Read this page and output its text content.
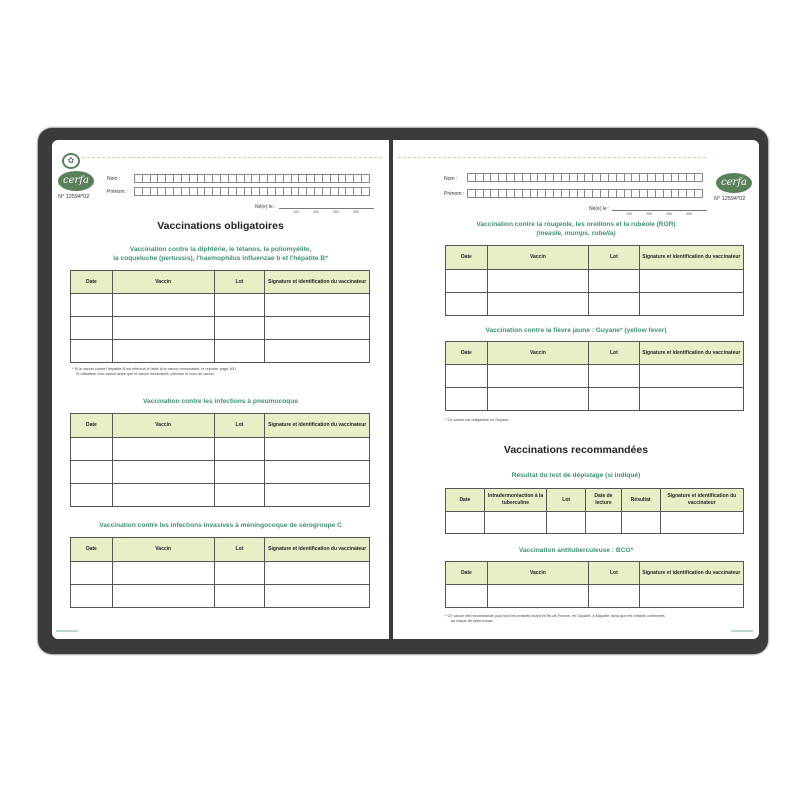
✿
cerfa
N° 12594*02
Nom :
Prénom :
Né(e) le :
100	200	300	400
Vaccinations obligatoires
Vaccination contre la diphtérie, le tétanos, la poliomyélite,
la coqueluche (pertussis), l'haemophilus influenzae b et l'hépatite B*
Date	Vaccin	Lot	Signature et identification du vaccinateur

* Si le vaccin contre l'hépatite B est effectué à l'aide d'un vaccin monovalent, le reporter page 100.
Si utilisation d'un vaccin autre que le vaccin hexavalent, préciser le nom du vaccin.
Vaccination contre les infections à pneumocoque
Date	Vaccin	Lot	Signature et identification du vaccinateur

Vaccination contre les infections invasives à méningocoque de sérogroupe C
Date	Vaccin	Lot	Signature et identification du vaccinateur

Nom :
Prénom :
Né(e) le :
100	200	300	400
cerfa
N° 12594*02
Vaccination contre la rougeole, les oreillons et la rubéole (ROR)
(measle, mumps, rubella)
Date	Vaccin	Lot	Signature et identification du vaccinateur

Vaccination contre la fièvre jaune : Guyane* (yellow fever)
Date	Vaccin	Lot	Signature et identification du vaccinateur

* Ce vaccin est obligatoire en Guyane.
Vaccinations recommandées
Résultat du test de dépistage (si indiqué)
Date	Intradermoréaction à la tuberculine	Lot	Date de lecture	Résultat	Signature et identification du vaccinateur

Vaccination antituberculeuse : BCG*
Date	Vaccin	Lot	Signature et identification du vaccinateur

* Ce vaccin est recommandé pour tous les enfants vivant en Île-de-France, en Guyane, à Mayotte, ainsi que les enfants confrontés
au risque de tuberculose.
